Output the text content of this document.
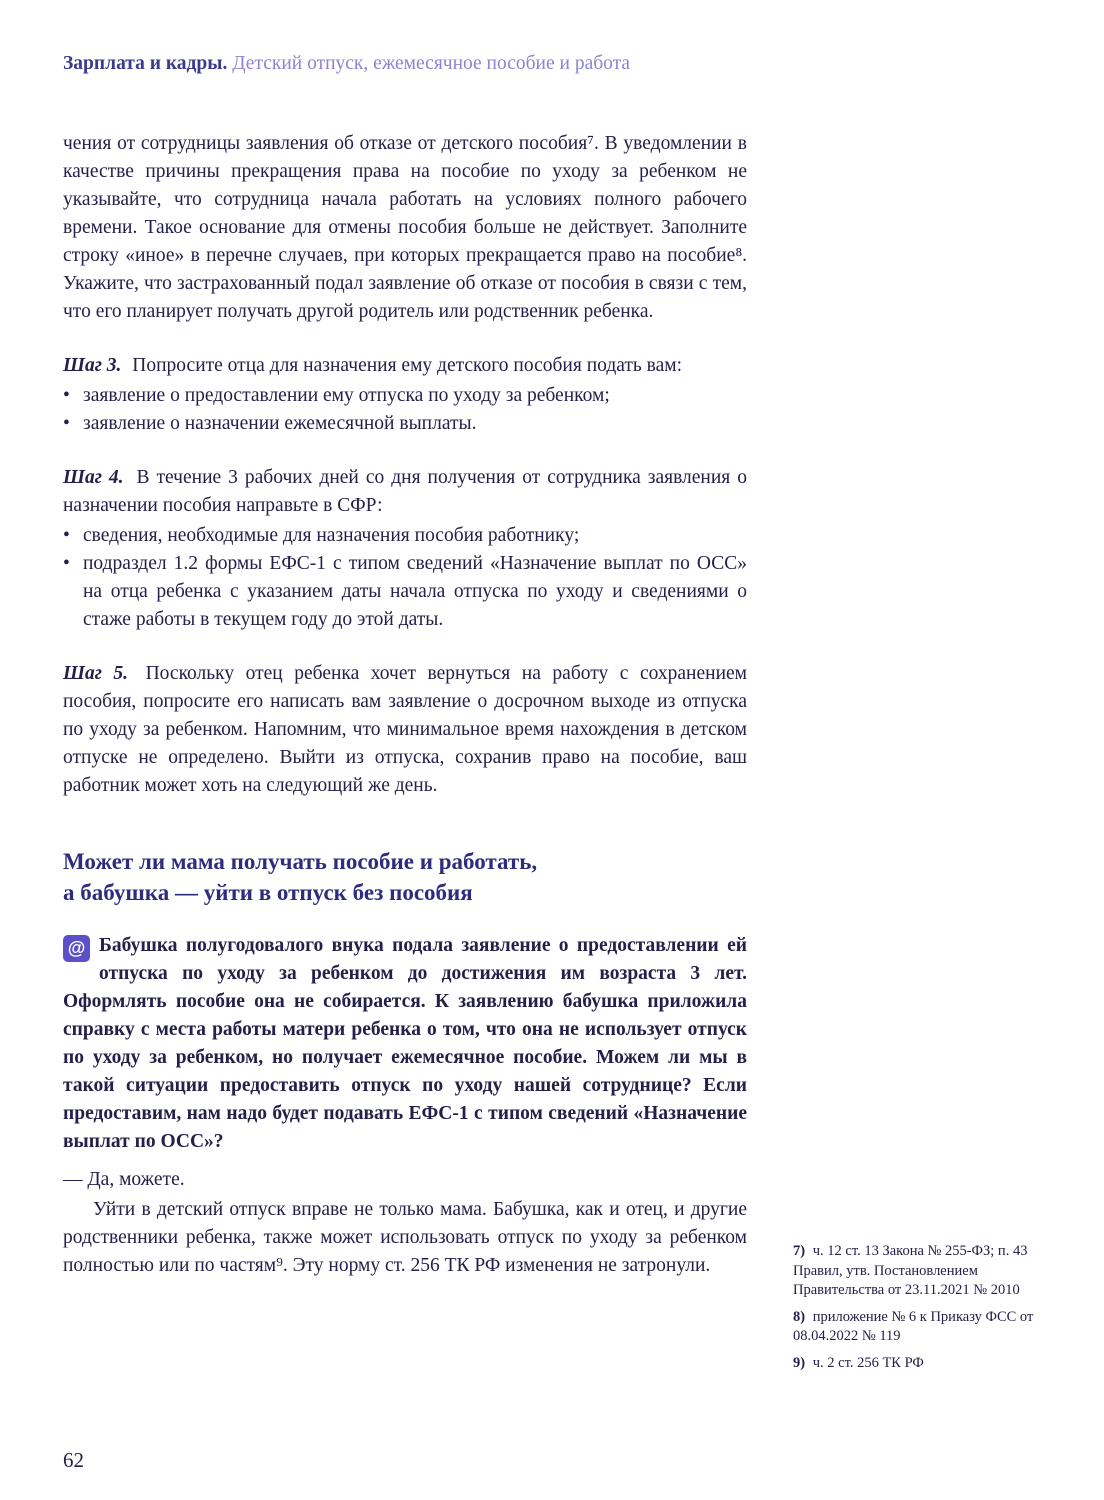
Зарплата и кадры. Детский отпуск, ежемесячное пособие и работа

чения от сотрудницы заявления об отказе от детского пособия⁷. В уведомлении в качестве причины прекращения права на пособие по уходу за ребенком не указывайте, что сотрудница начала работать на условиях полного рабочего времени. Такое основание для отмены пособия больше не действует. Заполните строку «иное» в перечне случаев, при которых прекращается право на пособие⁸. Укажите, что застрахованный подал заявление об отказе от пособия в связи с тем, что его планирует получать другой родитель или родственник ребенка.

Шаг 3. Попросите отца для назначения ему детского пособия подать вам:

• заявление о предоставлении ему отпуска по уходу за ребенком;
• заявление о назначении ежемесячной выплаты.

Шаг 4. В течение 3 рабочих дней со дня получения от сотрудника заявления о назначении пособия направьте в СФР:

• сведения, необходимые для назначения пособия работнику;
• подраздел 1.2 формы ЕФС-1 с типом сведений «Назначение выплат по ОСС» на отца ребенка с указанием даты начала отпуска по уходу и сведениями о стаже работы в текущем году до этой даты.

Шаг 5. Поскольку отец ребенка хочет вернуться на работу с сохранением пособия, попросите его написать вам заявление о досрочном выходе из отпуска по уходу за ребенком. Напомним, что минимальное время нахождения в детском отпуске не определено. Выйти из отпуска, сохранив право на пособие, ваш работник может хоть на следующий же день.

Может ли мама получать пособие и работать,
а бабушка — уйти в отпуск без пособия

@ Бабушка полугодовалого внука подала заявление о предоставлении ей отпуска по уходу за ребенком до достижения им возраста 3 лет. Оформлять пособие она не собирается. К заявлению бабушка приложила справку с места работы матери ребенка о том, что она не использует отпуск по уходу за ребенком, но получает ежемесячное пособие. Можем ли мы в такой ситуации предоставить отпуск по уходу нашей сотруднице? Если предоставим, нам надо будет подавать ЕФС-1 с типом сведений «Назначение выплат по ОСС»?

— Да, можете.

Уйти в детский отпуск вправе не только мама. Бабушка, как и отец, и другие родственники ребенка, также может использовать отпуск по уходу за ребенком полностью или по частям⁹. Эту норму ст. 256 ТК РФ изменения не затронули.

7) ч. 12 ст. 13 Закона № 255-ФЗ; п. 43 Правил, утв. Постановлением Правительства от 23.11.2021 № 2010

8) приложение № 6 к Приказу ФСС от 08.04.2022 № 119

9) ч. 2 ст. 256 ТК РФ

62
